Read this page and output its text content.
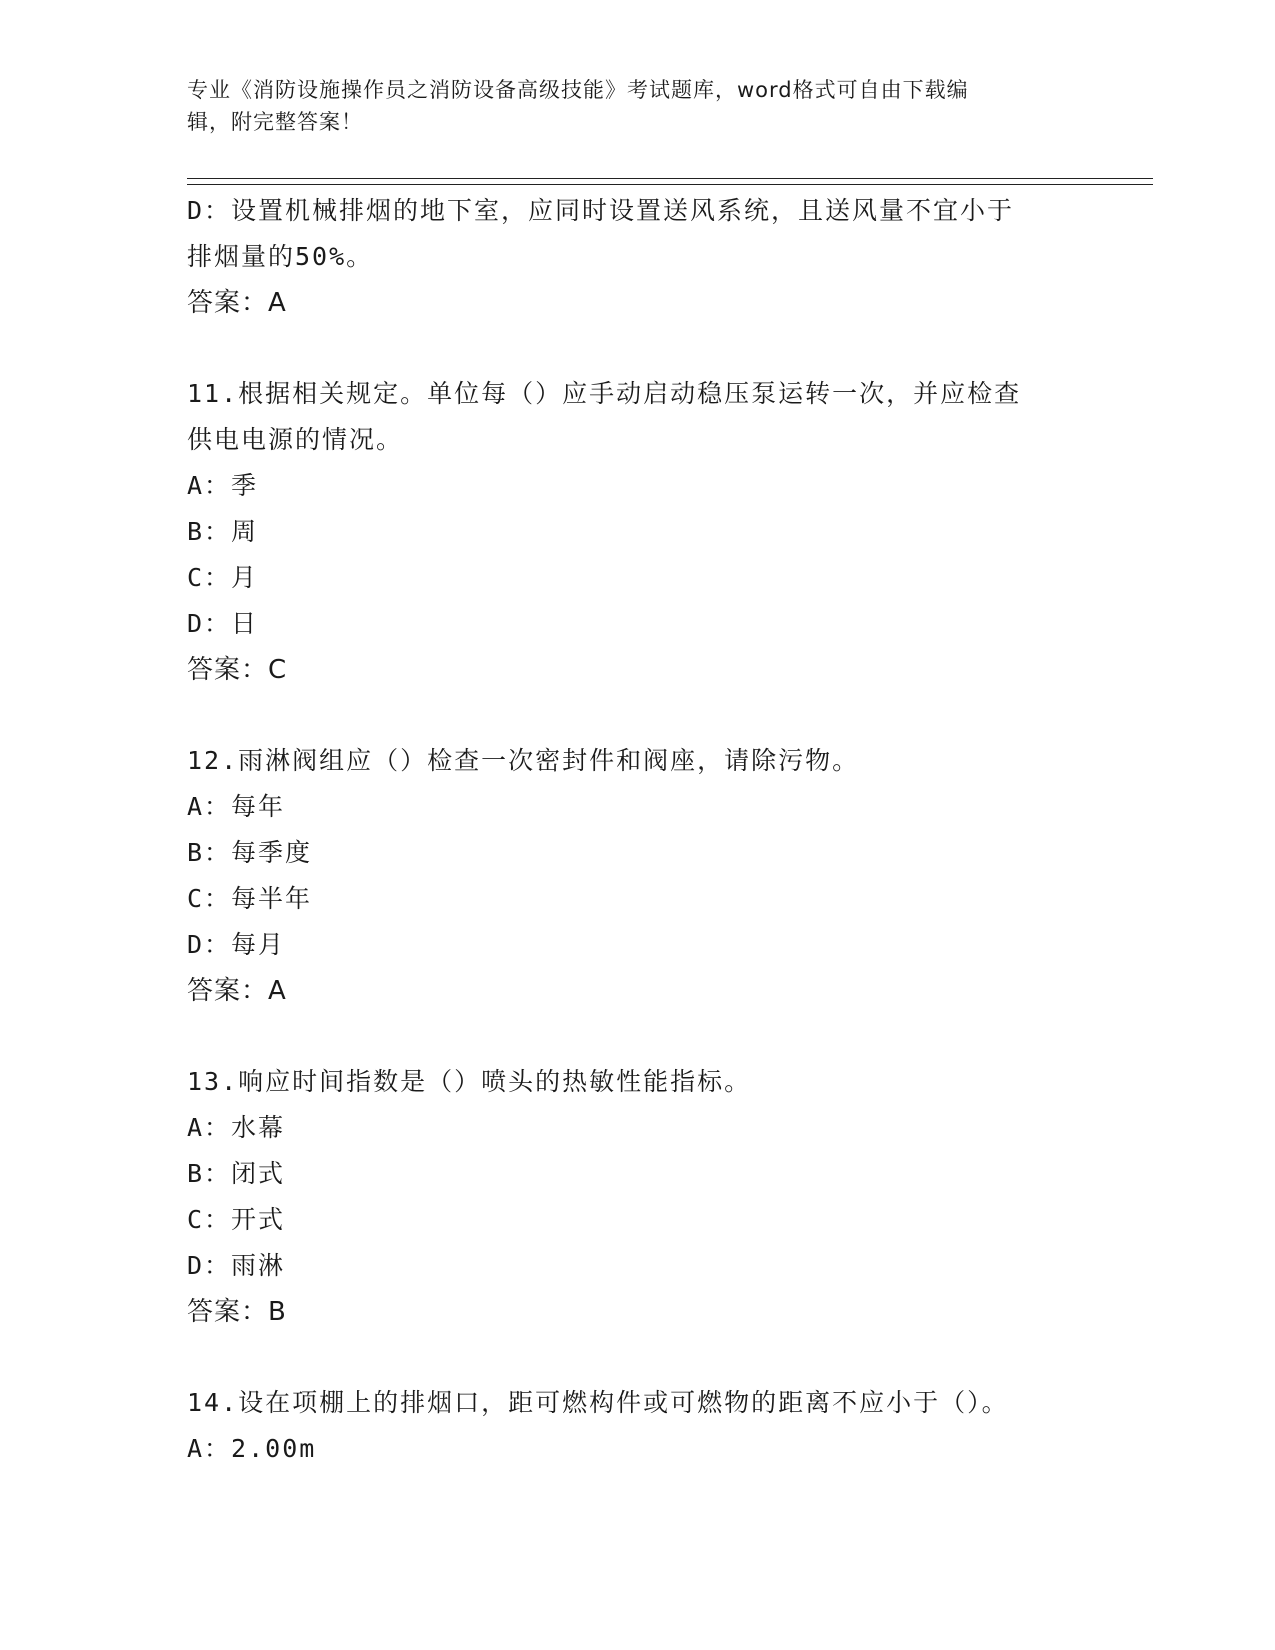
专业《消防设施操作员之消防设备高级技能》考试题库，word格式可自由下载编
辑，附完整答案！
D：设置机械排烟的地下室，应同时设置送风系统，且送风量不宜小于
排烟量的50%。
答案：A
11.根据相关规定。单位每（）应手动启动稳压泵运转一次，并应检查
供电电源的情况。
A：季
B：周
C：月
D：日
答案：C
12.雨淋阀组应（）检查一次密封件和阀座，请除污物。
A：每年
B：每季度
C：每半年
D：每月
答案：A
13.响应时间指数是（）喷头的热敏性能指标。
A：水幕
B：闭式
C：开式
D：雨淋
答案：B
14.设在项棚上的排烟口，距可燃构件或可燃物的距离不应小于（）。
A：2.00m
